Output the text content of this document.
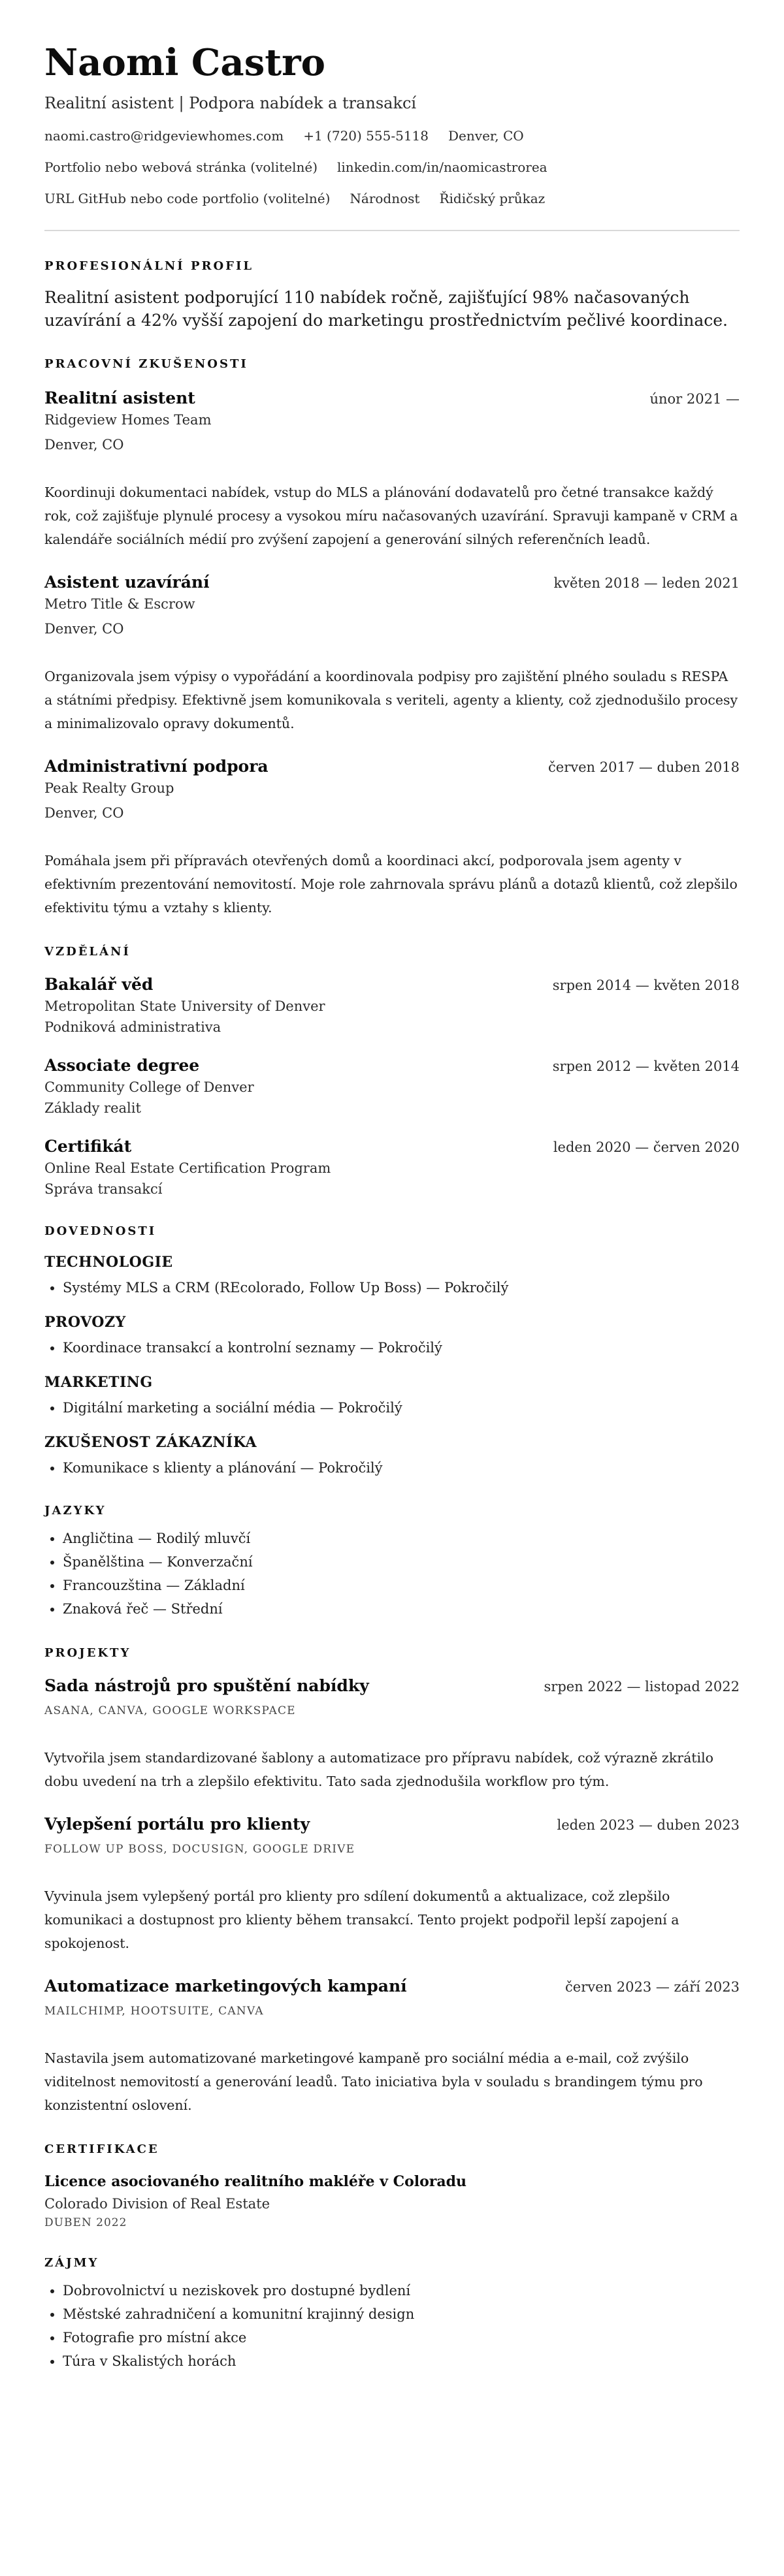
Naomi Castro
Realitní asistent | Podpora nabídek a transakcí
naomi.castro@ridgeviewhomes.com +1 (720) 555-5118 Denver, CO
Portfolio nebo webová stránka (volitelné) linkedin.com/in/naomicastrorea
URL GitHub nebo code portfolio (volitelné) Národnost Řidičský průkaz
PROFESIONÁLNÍ PROFIL

Realitní asistent podporující 110 nabídek ročně, zajišťující 98% načasovaných uzavírání a 42% vyšší zapojení do marketingu prostřednictvím pečlivé koordinace.

PRACOVNÍ ZKUŠENOSTI
Realitní asistent	únor 2021 —
Ridgeview Homes Team
Denver, CO

Koordinuji dokumentaci nabídek, vstup do MLS a plánování dodavatelů pro četné transakce každý rok, což zajišťuje plynulé procesy a vysokou míru načasovaných uzavírání. Spravuji kampaně v CRM a kalendáře sociálních médií pro zvýšení zapojení a generování silných referenčních leadů.

Asistent uzavírání	květen 2018 — leden 2021
Metro Title & Escrow
Denver, CO

Organizovala jsem výpisy o vypořádání a koordinovala podpisy pro zajištění plného souladu s RESPA a státními předpisy. Efektivně jsem komunikovala s veriteli, agenty a klienty, což zjednodušilo procesy a minimalizovalo opravy dokumentů.

Administrativní podpora	červen 2017 — duben 2018
Peak Realty Group
Denver, CO

Pomáhala jsem při přípravách otevřených domů a koordinaci akcí, podporovala jsem agenty v efektivním prezentování nemovitostí. Moje role zahrnovala správu plánů a dotazů klientů, což zlepšilo efektivitu týmu a vztahy s klienty.

VZDĚLÁNÍ
Bakalář věd	srpen 2014 — květen 2018
Metropolitan State University of Denver
Podniková administrativa
Associate degree	srpen 2012 — květen 2014
Community College of Denver
Základy realit
Certifikát	leden 2020 — červen 2020
Online Real Estate Certification Program
Správa transakcí
DOVEDNOSTI
TECHNOLOGIE
• Systémy MLS a CRM (REcolorado, Follow Up Boss) — Pokročilý
PROVOZY
• Koordinace transakcí a kontrolní seznamy — Pokročilý
MARKETING
• Digitální marketing a sociální média — Pokročilý
ZKUŠENOST ZÁKAZNÍKA
• Komunikace s klienty a plánování — Pokročilý
JAZYKY
• Angličtina — Rodilý mluvčí
• Španělština — Konverzační
• Francouzština — Základní
• Znaková řeč — Střední
PROJEKTY
Sada nástrojů pro spuštění nabídky	srpen 2022 — listopad 2022
ASANA, CANVA, GOOGLE WORKSPACE

Vytvořila jsem standardizované šablony a automatizace pro přípravu nabídek, což výrazně zkrátilo dobu uvedení na trh a zlepšilo efektivitu. Tato sada zjednodušila workflow pro tým.

Vylepšení portálu pro klienty	leden 2023 — duben 2023
FOLLOW UP BOSS, DOCUSIGN, GOOGLE DRIVE

Vyvinula jsem vylepšený portál pro klienty pro sdílení dokumentů a aktualizace, což zlepšilo komunikaci a dostupnost pro klienty během transakcí. Tento projekt podpořil lepší zapojení a spokojenost.

Automatizace marketingových kampaní	červen 2023 — září 2023
MAILCHIMP, HOOTSUITE, CANVA

Nastavila jsem automatizované marketingové kampaně pro sociální média a e-mail, což zvýšilo viditelnost nemovitostí a generování leadů. Tato iniciativa byla v souladu s brandingem týmu pro konzistentní oslovení.

CERTIFIKACE
Licence asociovaného realitního makléře v Coloradu
Colorado Division of Real Estate
DUBEN 2022
ZÁJMY
• Dobrovolnictví u neziskovek pro dostupné bydlení
• Městské zahradničení a komunitní krajinný design
• Fotografie pro místní akce
• Túra v Skalistých horách
